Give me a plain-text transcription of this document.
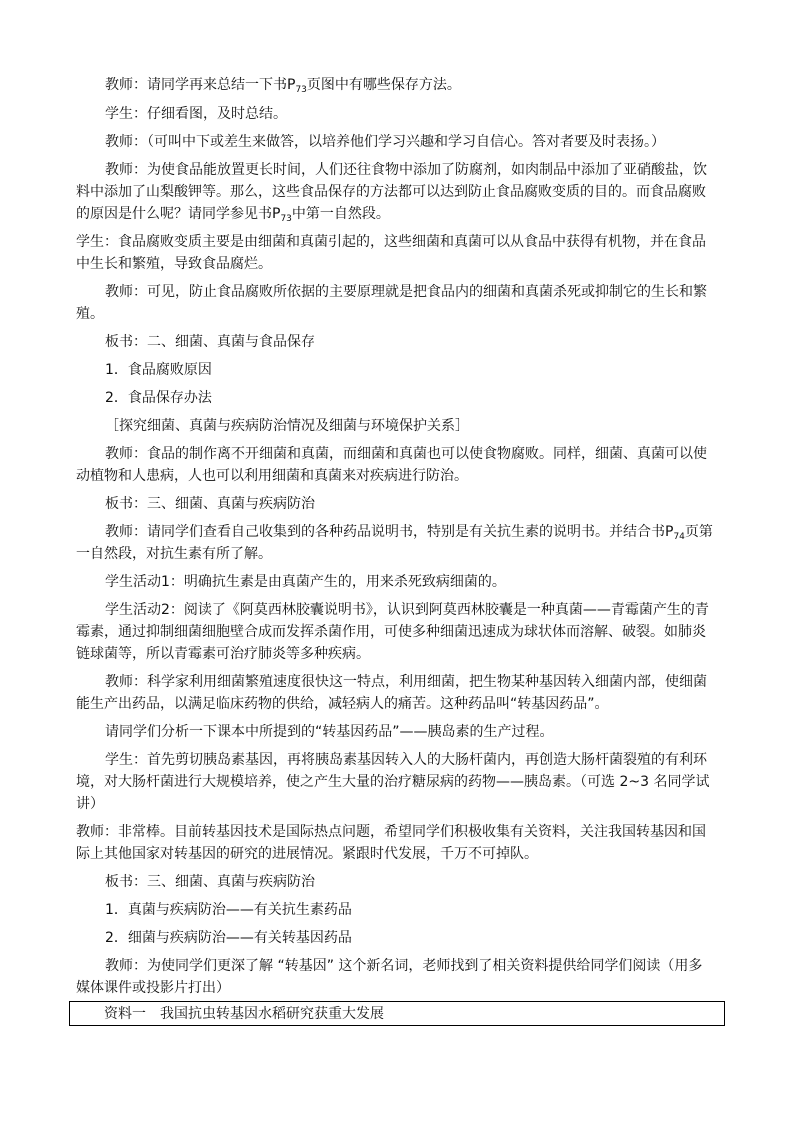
教师：请同学再来总结一下书$P_{73}$页图中有哪些保存方法。
学生：仔细看图，及时总结。
教师：（可叫中下或差生来做答，以培养他们学习兴趣和学习自信心。答对者要及时表扬。）
教师：为使食品能放置更长时间，人们还往食物中添加了防腐剂，如肉制品中添加了亚硝酸盐，饮
料中添加了山梨酸钾等。那么，这些食品保存的方法都可以达到防止食品腐败变质的目的。而食品腐败
的原因是什么呢？请同学参见书$P_{73}$中第一自然段。
学生：食品腐败变质主要是由细菌和真菌引起的，这些细菌和真菌可以从食品中获得有机物，并在食品
中生长和繁殖，导致食品腐烂。
教师：可见，防止食品腐败所依据的主要原理就是把食品内的细菌和真菌杀死或抑制它的生长和繁
殖。
板书：二、细菌、真菌与食品保存
1．食品腐败原因
2．食品保存办法
［探究细菌、真菌与疾病防治情况及细菌与环境保护关系］
教师：食品的制作离不开细菌和真菌，而细菌和真菌也可以使食物腐败。同样，细菌、真菌可以使
动植物和人患病，人也可以利用细菌和真菌来对疾病进行防治。
板书：三、细菌、真菌与疾病防治
教师：请同学们查看自己收集到的各种药品说明书，特别是有关抗生素的说明书。并结合书$P_{74}$页第
一自然段，对抗生素有所了解。
学生活动1：明确抗生素是由真菌产生的，用来杀死致病细菌的。
学生活动2：阅读了《阿莫西林胶囊说明书》，认识到阿莫西林胶囊是一种真菌——青霉菌产生的青
霉素，通过抑制细菌细胞壁合成而发挥杀菌作用，可使多种细菌迅速成为球状体而溶解、破裂。如肺炎
链球菌等，所以青霉素可治疗肺炎等多种疾病。
教师：科学家利用细菌繁殖速度很快这一特点，利用细菌，把生物某种基因转入细菌内部，使细菌
能生产出药品，以满足临床药物的供给，减轻病人的痛苦。这种药品叫“转基因药品”。
请同学们分析一下课本中所提到的“转基因药品”——胰岛素的生产过程。
学生：首先剪切胰岛素基因，再将胰岛素基因转入人的大肠杆菌内，再创造大肠杆菌裂殖的有利环
境，对大肠杆菌进行大规模培养，使之产生大量的治疗糖尿病的药物——胰岛素。（可选 2~3 名同学试
讲）
教师：非常棒。目前转基因技术是国际热点问题，希望同学们积极收集有关资料，关注我国转基因和国
际上其他国家对转基因的研究的进展情况。紧跟时代发展，千万不可掉队。
板书：三、细菌、真菌与疾病防治
1．真菌与疾病防治——有关抗生素药品
2．细菌与疾病防治——有关转基因药品
教师：为使同学们更深了解 “转基因” 这个新名词，老师找到了相关资料提供给同学们阅读（用多
资料一　我国抗虫转基因水稻研究获重大发展
媒体课件或投影片打出）
